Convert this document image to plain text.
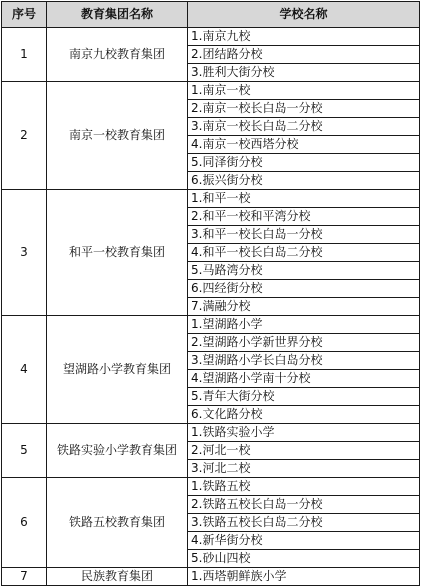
序号	教育集团名称	学校名称
1	南京九校教育集团	1.南京九校
		2.团结路分校
		3.胜利大街分校
2	南京一校教育集团	1.南京一校
		2.南京一校长白岛一分校
		3.南京一校长白岛二分校
		4.南京一校西塔分校
		5.同泽街分校
		6.振兴街分校
3	和平一校教育集团	1.和平一校
		2.和平一校和平湾分校
		3.和平一校长白岛一分校
		4.和平一校长白岛二分校
		5.马路湾分校
		6.四经街分校
		7.满融分校
4	望湖路小学教育集团	1.望湖路小学
		2.望湖路小学新世界分校
		3.望湖路小学长白岛分校
		4.望湖路小学南十分校
		5.青年大街分校
		6.文化路分校
5	铁路实验小学教育集团	1.铁路实验小学
		2.河北一校
		3.河北二校
6	铁路五校教育集团	1.铁路五校
		2.铁路五校长白岛一分校
		3.铁路五校长白岛二分校
		4.新华街分校
		5.砂山四校
7	民族教育集团	1.西塔朝鲜族小学
